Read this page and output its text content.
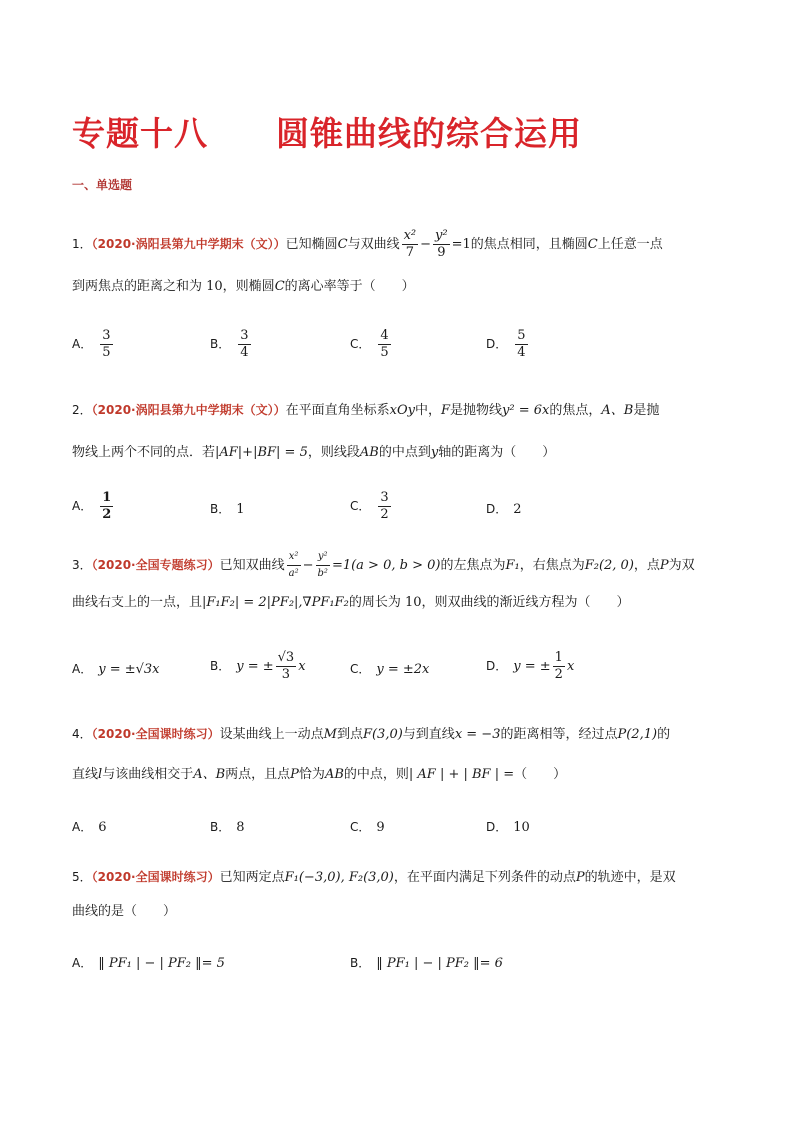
专题十八 圆锥曲线的综合运用
一、单选题
1．（2020·涡阳县第九中学期末（文））已知椭圆C与双曲线 $\frac{\text{x²}}{7} - \frac{\text{y²}}{9} =1$的焦点相同，且椭圆C上任意一点
到两焦点的距离之和为 10，则椭圆C的离心率等于（　　）
A． $\frac{3}{5}$	B． $\frac{3}{4}$	C． $\frac{4}{5}$	D． $\frac{5}{4}$
2．（2020·涡阳县第九中学期末（文））在平面直角坐标系xOy中，F是抛物线y² = 6x的焦点，A、B是抛
物线上两个不同的点．若|AF|+|BF| = 5，则线段AB的中点到y轴的距离为（　　）
A． $\frac{1}{2}$	B． 1	C． $\frac{3}{2}$	D． 2
3．（2020·全国专题练习）已知双曲线 $\frac{\text{x²}}{\text{a²}} - \frac{\text{y²}}{\text{b²}} =1(a > 0$, b > 0)的左焦点为F₁，右焦点为F₂(2, 0)，点P为双
曲线右支上的一点，且|F₁F₂| = 2|PF₂|,∇PF₁F₂的周长为 10，则双曲线的渐近线方程为（　　）
A． y = ±√3x	B． y = ± $\frac{√3}{3}$ x	C． y = ±2x	D． y = ± $\frac{1}{2}$ x
4．（2020·全国课时练习）设某曲线上一动点M到点F(3,0)与到直线x = −3的距离相等，经过点P(2,1)的
直线l与该曲线相交于A、B两点，且点P恰为AB的中点，则| AF | + | BF | =（　　）
A． 6	B． 8	C． 9	D． 10
5．（2020·全国课时练习）已知两定点F₁(−3,0), F₂(3,0)，在平面内满足下列条件的动点P的轨迹中，是双
曲线的是（　　）
A． ‖ PF₁ | − | PF₂ ‖= 5	B． ‖ PF₁ | − | PF₂ ‖= 6
